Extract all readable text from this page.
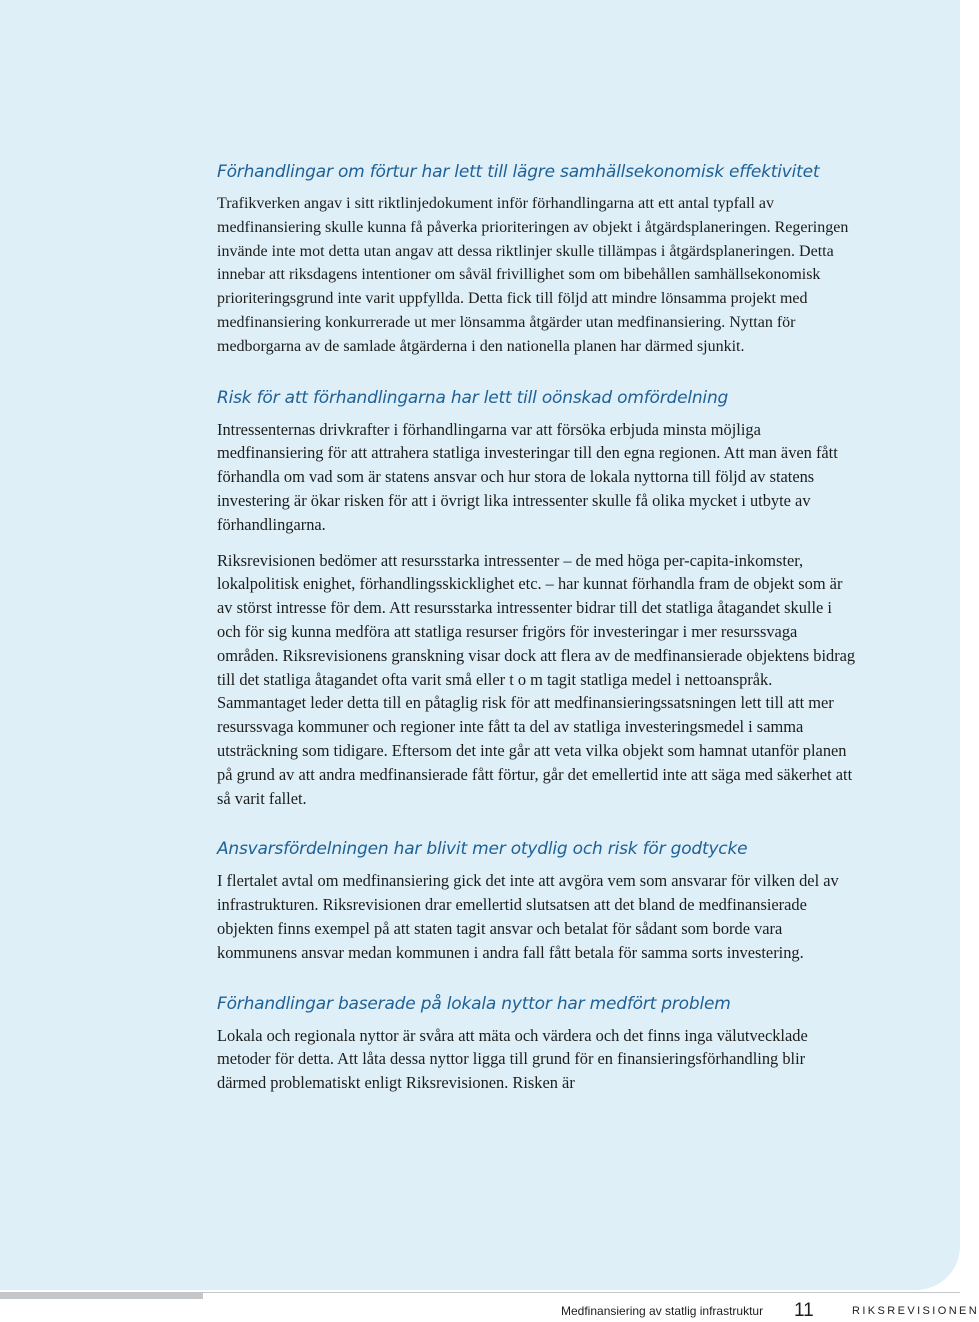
Förhandlingar om förtur har lett till lägre samhällsekonomisk effektivitet

Trafikverken angav i sitt riktlinjedokument inför förhandlingarna att ett antal typfall av medfinansiering skulle kunna få påverka prioriteringen av objekt i åtgärdsplaneringen. Regeringen invände inte mot detta utan angav att dessa riktlinjer skulle tillämpas i åtgärdsplaneringen. Detta innebar att riksdagens intentioner om såväl frivillighet som om bibehållen samhällsekonomisk prioriteringsgrund inte varit uppfyllda. Detta fick till följd att mindre lönsamma projekt med medfinansiering konkurrerade ut mer lönsamma åtgärder utan medfinansiering. Nyttan för medborgarna av de samlade åtgärderna i den nationella planen har därmed sjunkit.

Risk för att förhandlingarna har lett till oönskad omfördelning

Intressenternas drivkrafter i förhandlingarna var att försöka erbjuda minsta möjliga medfinansiering för att attrahera statliga investeringar till den egna regionen. Att man även fått förhandla om vad som är statens ansvar och hur stora de lokala nyttorna till följd av statens investering är ökar risken för att i övrigt lika intressenter skulle få olika mycket i utbyte av förhandlingarna.

Riksrevisionen bedömer att resursstarka intressenter – de med höga per-capita-inkomster, lokalpolitisk enighet, förhandlingsskicklighet etc. – har kunnat förhandla fram de objekt som är av störst intresse för dem. Att resursstarka intressenter bidrar till det statliga åtagandet skulle i och för sig kunna medföra att statliga resurser frigörs för investeringar i mer resurssvaga områden. Riksrevisionens granskning visar dock att flera av de medfinansierade objektens bidrag till det statliga åtagandet ofta varit små eller t o m tagit statliga medel i nettoanspråk. Sammantaget leder detta till en påtaglig risk för att medfinansieringssatsningen lett till att mer resurssvaga kommuner och regioner inte fått ta del av statliga investeringsmedel i samma utsträckning som tidigare. Eftersom det inte går att veta vilka objekt som hamnat utanför planen på grund av att andra medfinansierade fått förtur, går det emellertid inte att säga med säkerhet att så varit fallet.

Ansvarsfördelningen har blivit mer otydlig och risk för godtycke

I flertalet avtal om medfinansiering gick det inte att avgöra vem som ansvarar för vilken del av infrastrukturen. Riksrevisionen drar emellertid slutsatsen att det bland de medfinansierade objekten finns exempel på att staten tagit ansvar och betalat för sådant som borde vara kommunens ansvar medan kommunen i andra fall fått betala för samma sorts investering.

Förhandlingar baserade på lokala nyttor har medfört problem

Lokala och regionala nyttor är svåra att mäta och värdera och det finns inga välutvecklade metoder för detta. Att låta dessa nyttor ligga till grund för en finansieringsförhandling blir därmed problematiskt enligt Riksrevisionen. Risken är

Medfinansiering av statlig infrastruktur 11	RIKSREVISIONEN
